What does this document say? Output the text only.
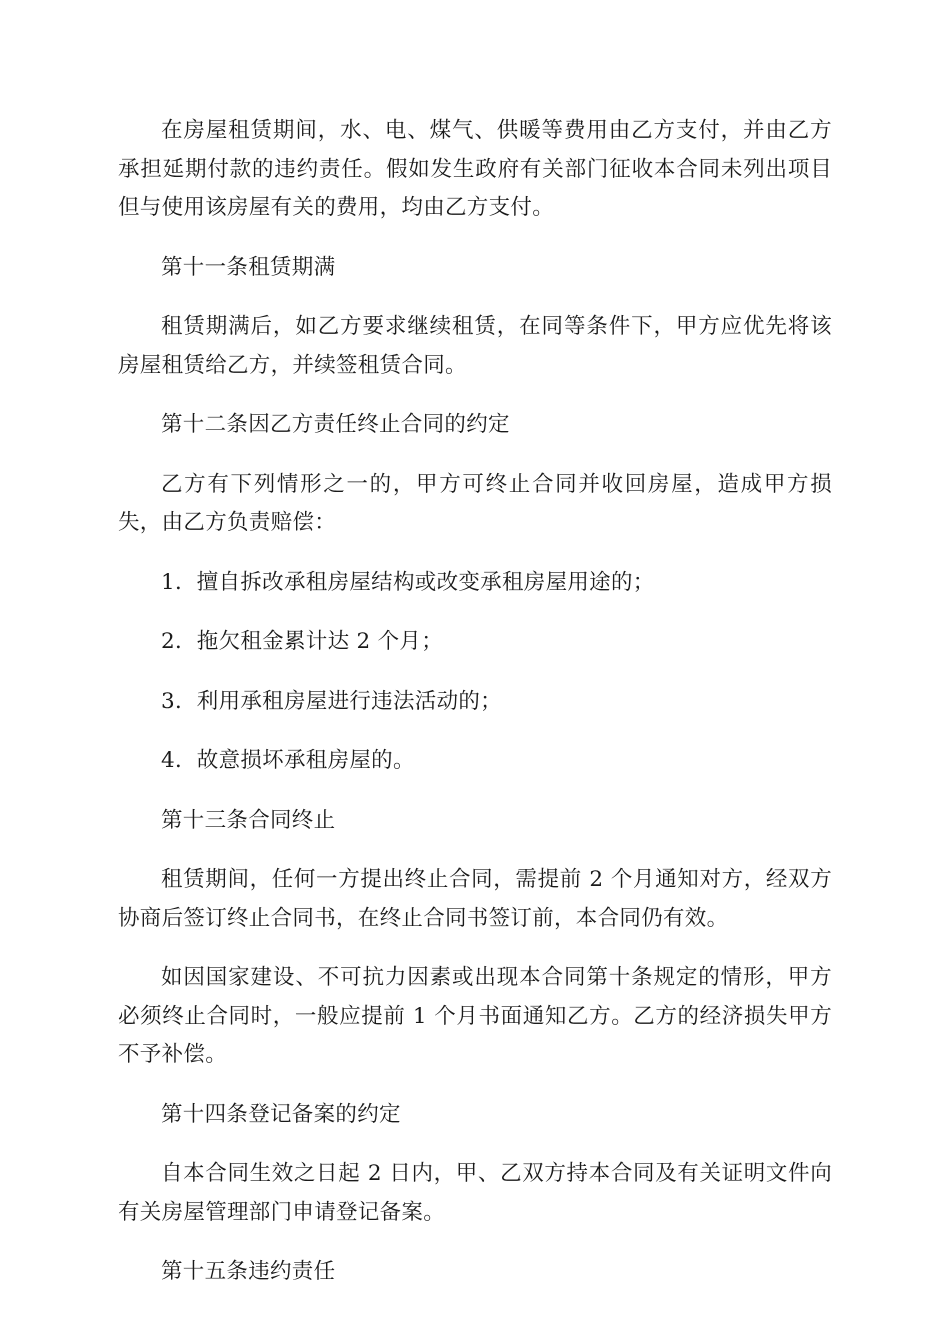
在房屋租赁期间，水、电、煤气、供暖等费用由乙方支付，并由乙方承担延期付款的违约责任。假如发生政府有关部门征收本合同未列出项目但与使用该房屋有关的费用，均由乙方支付。

第十一条租赁期满

租赁期满后，如乙方要求继续租赁，在同等条件下，甲方应优先将该房屋租赁给乙方，并续签租赁合同。

第十二条因乙方责任终止合同的约定

乙方有下列情形之一的，甲方可终止合同并收回房屋，造成甲方损失，由乙方负责赔偿：

1．擅自拆改承租房屋结构或改变承租房屋用途的；

2．拖欠租金累计达 2 个月；

3．利用承租房屋进行违法活动的；

4．故意损坏承租房屋的。

第十三条合同终止

租赁期间，任何一方提出终止合同，需提前 2 个月通知对方，经双方协商后签订终止合同书，在终止合同书签订前，本合同仍有效。

如因国家建设、不可抗力因素或出现本合同第十条规定的情形，甲方必须终止合同时，一般应提前 1 个月书面通知乙方。乙方的经济损失甲方不予补偿。

第十四条登记备案的约定

自本合同生效之日起 2 日内，甲、乙双方持本合同及有关证明文件向有关房屋管理部门申请登记备案。

第十五条违约责任
